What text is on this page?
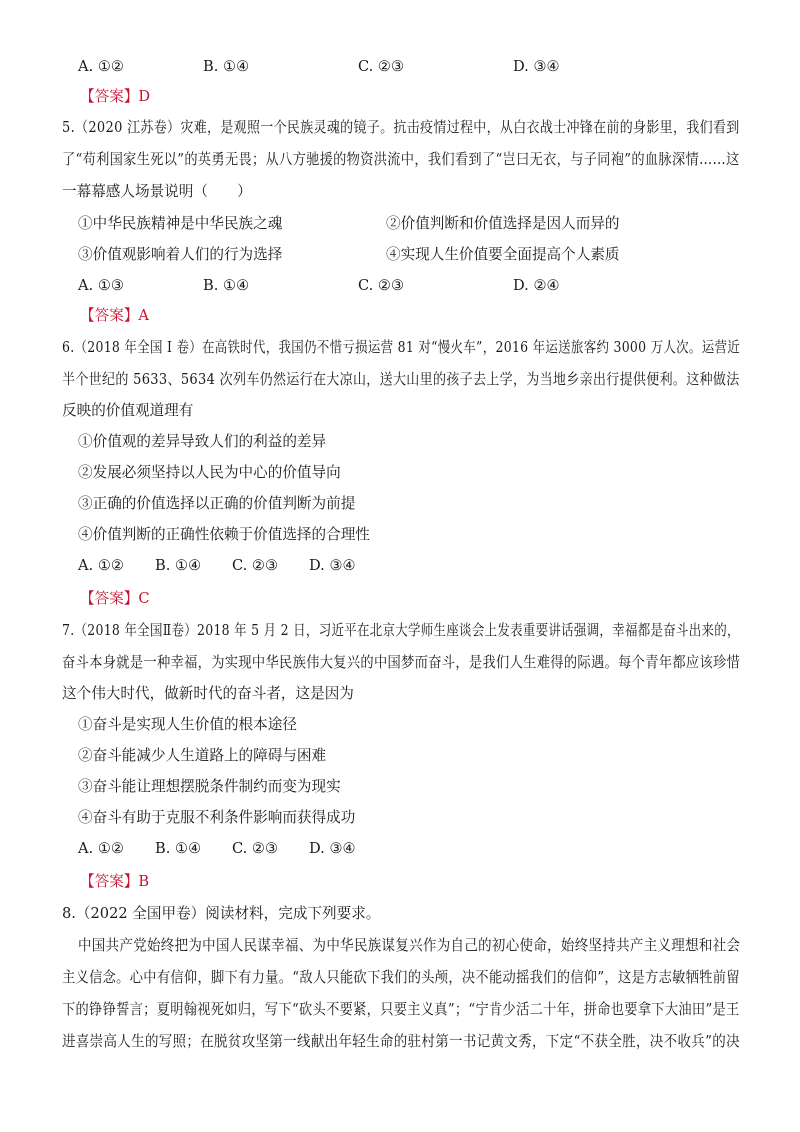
A. ①②	B. ①④	C. ②③	D. ③④
【答案】D
5.（2020 江苏卷）灾难，是观照一个民族灵魂的镜子。抗击疫情过程中，从白衣战士冲锋在前的身影里，我们看到
了“苟利国家生死以”的英勇无畏；从八方驰援的物资洪流中，我们看到了“岂曰无衣，与子同袍”的血脉深情……这
一幕幕感人场景说明（　　）
①中华民族精神是中华民族之魂	②价值判断和价值选择是因人而异的
③价值观影响着人们的行为选择	④实现人生价值要全面提高个人素质
A. ①③	B. ①④	C. ②③	D. ②④
【答案】A
6.（2018 年全国 I 卷）在高铁时代，我国仍不惜亏损运营 81 对“慢火车”，2016 年运送旅客约 3000 万人次。运营近
半个世纪的 5633、5634 次列车仍然运行在大凉山，送大山里的孩子去上学，为当地乡亲出行提供便利。这种做法
反映的价值观道理有
①价值观的差异导致人们的利益的差异
②发展必须坚持以人民为中心的价值导向
③正确的价值选择以正确的价值判断为前提
④价值判断的正确性依赖于价值选择的合理性
A. ①② B. ①④ C. ②③ D. ③④
【答案】C
7.（2018 年全国Ⅱ卷）2018 年 5 月 2 日，习近平在北京大学师生座谈会上发表重要讲话强调，幸福都是奋斗出来的，
奋斗本身就是一种幸福，为实现中华民族伟大复兴的中国梦而奋斗，是我们人生难得的际遇。每个青年都应该珍惜
这个伟大时代，做新时代的奋斗者，这是因为
①奋斗是实现人生价值的根本途径
②奋斗能减少人生道路上的障碍与困难
③奋斗能让理想摆脱条件制约而变为现实
④奋斗有助于克服不利条件影响而获得成功
A. ①② B. ①④ C. ②③ D. ③④
【答案】B
8.（2022 全国甲卷）阅读材料，完成下列要求。
中国共产党始终把为中国人民谋幸福、为中华民族谋复兴作为自己的初心使命，始终坚持共产主义理想和社会
主义信念。心中有信仰，脚下有力量。“敌人只能砍下我们的头颅，决不能动摇我们的信仰”，这是方志敏牺牲前留
下的铮铮誓言；夏明翰视死如归，写下“砍头不要紧，只要主义真”；“宁肯少活二十年，拼命也要拿下大油田”是王
进喜崇高人生的写照；在脱贫攻坚第一线献出年轻生命的驻村第一书记黄文秀，下定“不获全胜，决不收兵”的决
